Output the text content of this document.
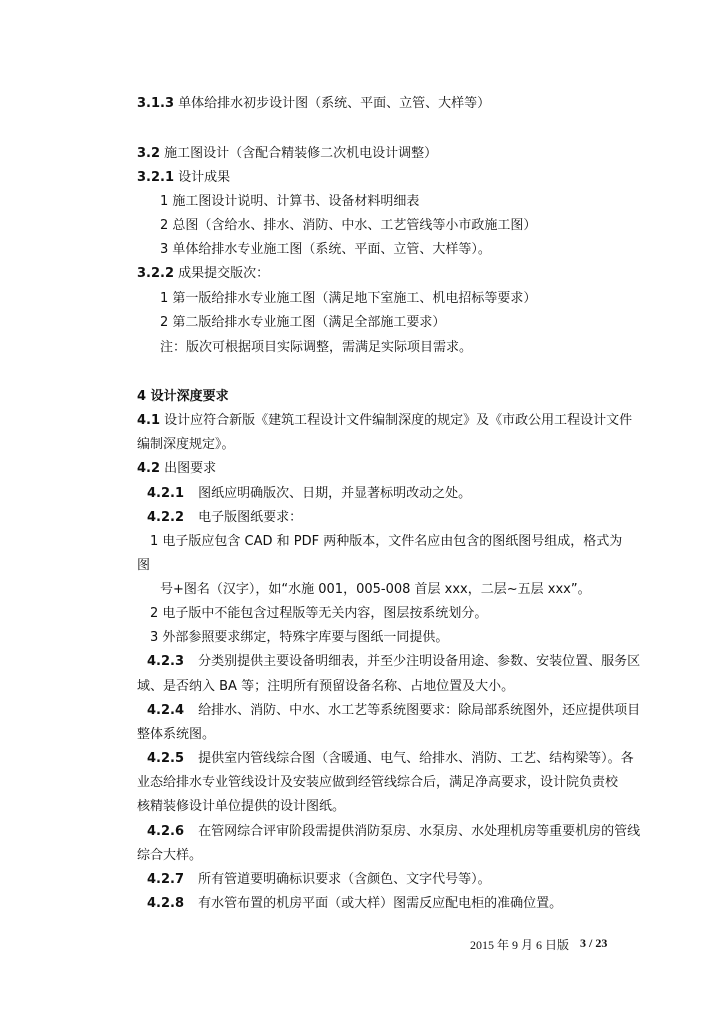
3.1.3 单体给排水初步设计图（系统、平面、立管、大样等）
3.2 施工图设计（含配合精装修二次机电设计调整）
3.2.1 设计成果
1 施工图设计说明、计算书、设备材料明细表
2 总图（含给水、排水、消防、中水、工艺管线等小市政施工图）
3 单体给排水专业施工图（系统、平面、立管、大样等）。
3.2.2 成果提交版次：
1 第一版给排水专业施工图（满足地下室施工、机电招标等要求）
2 第二版给排水专业施工图（满足全部施工要求）
注：版次可根据项目实际调整，需满足实际项目需求。
4 设计深度要求
4.1 设计应符合新版《建筑工程设计文件编制深度的规定》及《市政公用工程设计文件
编制深度规定》。
4.2 出图要求
4.2.1 图纸应明确版次、日期，并显著标明改动之处。
4.2.2 电子版图纸要求：
1 电子版应包含 CAD 和 PDF 两种版本，文件名应由包含的图纸图号组成，格式为
图
号+图名（汉字），如“水施 001，005-008 首层 xxx，二层~五层 xxx”。
2 电子版中不能包含过程版等无关内容，图层按系统划分。
3 外部参照要求绑定，特殊字库要与图纸一同提供。
4.2.3 分类别提供主要设备明细表，并至少注明设备用途、参数、安装位置、服务区
域、是否纳入 BA 等；注明所有预留设备名称、占地位置及大小。
4.2.4 给排水、消防、中水、水工艺等系统图要求：除局部系统图外，还应提供项目
整体系统图。
4.2.5 提供室内管线综合图（含暖通、电气、给排水、消防、工艺、结构梁等）。各
业态给排水专业管线设计及安装应做到经管线综合后，满足净高要求，设计院负责校
核精装修设计单位提供的设计图纸。
4.2.6 在管网综合评审阶段需提供消防泵房、水泵房、水处理机房等重要机房的管线
综合大样。
4.2.7 所有管道要明确标识要求（含颜色、文字代号等）。
4.2.8 有水管布置的机房平面（或大样）图需反应配电柜的准确位置。
2015 年 9 月 6 日版 3 / 23
